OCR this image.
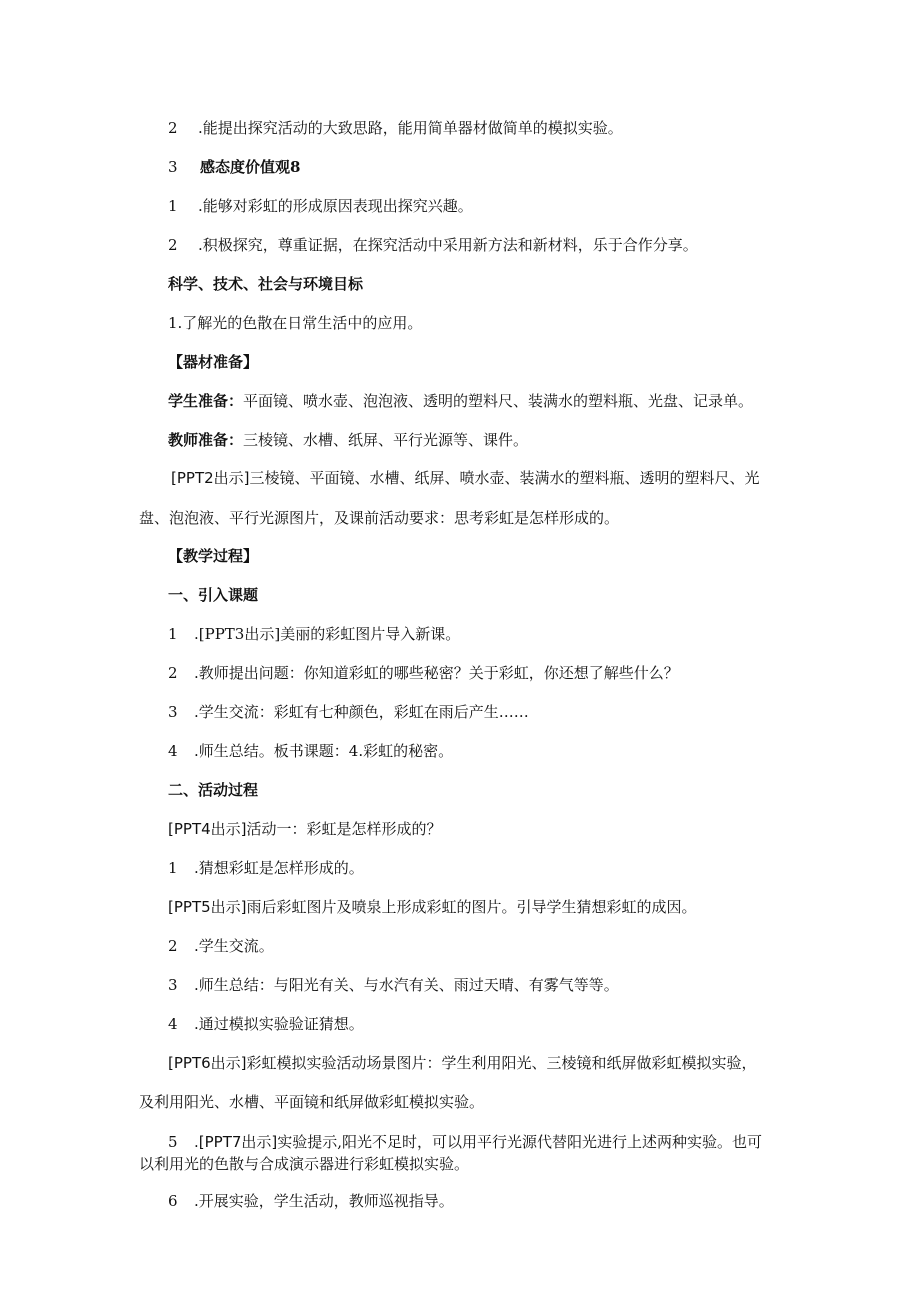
2 .能提出探究活动的大致思路，能用简单器材做简单的模拟实验。
3 感态度价值观8
1 .能够对彩虹的形成原因表现出探究兴趣。
2 .积极探究，尊重证据，在探究活动中采用新方法和新材料，乐于合作分享。
科学、技术、社会与环境目标
1.了解光的色散在日常生活中的应用。
【器材准备】
学生准备：平面镜、喷水壶、泡泡液、透明的塑料尺、装满水的塑料瓶、光盘、记录单。
教师准备：三棱镜、水槽、纸屏、平行光源等、课件。
[PPT2出示]三棱镜、平面镜、水槽、纸屏、喷水壶、装满水的塑料瓶、透明的塑料尺、光
盘、泡泡液、平行光源图片，及课前活动要求：思考彩虹是怎样形成的。
【教学过程】
一、引入课题
1 .[PPT3出示]美丽的彩虹图片导入新课。
2 .教师提出问题：你知道彩虹的哪些秘密？关于彩虹，你还想了解些什么？
3 .学生交流：彩虹有七种颜色，彩虹在雨后产生……
4 .师生总结。板书课题：4.彩虹的秘密。
二、活动过程
[PPT4出示]活动一：彩虹是怎样形成的？
1 .猜想彩虹是怎样形成的。
[PPT5出示]雨后彩虹图片及喷泉上形成彩虹的图片。引导学生猜想彩虹的成因。
2 .学生交流。
3 .师生总结：与阳光有关、与水汽有关、雨过天晴、有雾气等等。
4 .通过模拟实验验证猜想。
[PPT6出示]彩虹模拟实验活动场景图片：学生利用阳光、三棱镜和纸屏做彩虹模拟实验，
及利用阳光、水槽、平面镜和纸屏做彩虹模拟实验。
5 .[PPT7出示]实验提示,阳光不足时，可以用平行光源代替阳光进行上述两种实验。也可
以利用光的色散与合成演示器进行彩虹模拟实验。
6 .开展实验，学生活动，教师巡视指导。
